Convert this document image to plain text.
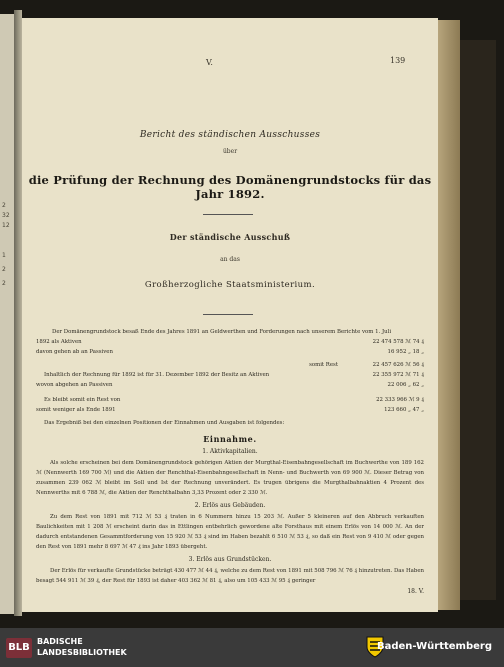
2
32
12
1
2
2
V.	139
Bericht des ständischen Ausschusses
über
die Prüfung der Rechnung des Domänengrundstocks für das Jahr 1892.
Der ständische Ausschuß
an das
Großherzogliche Staatsministerium.
Der Domänengrundstock besaß Ende des Jahres 1891 an Geldwerthen und Forderungen nach unserem Berichte vom 1. Juli
1892 als Aktiven	22 474 578 ℳ 74 ₰
davon gehen ab an Passiven	16 952 „ 18 „
somit Rest	22 457 626 ℳ 56 ₰
Inhaltlich der Rechnung für 1892 ist für 31. Dezember 1892 der Besitz an Aktiven	22 355 972 ℳ 71 ₰
wovon abgehen an Passiven	22 006 „ 62 „
Es bleibt somit ein Rest von	22 333 966 ℳ 9 ₰
somit weniger als Ende 1891	123 660 „ 47 „
Das Ergebniß bei den einzelnen Positionen der Einnahmen und Ausgaben ist folgendes:
Einnahme.
1. Aktivkapitalien.
Als solche erscheinen bei dem Domänengrundstock gehörigen Aktien der Murgthal-Eisenbahngesellschaft im Buchwerthe von 189 162 ℳ (Nennwerth 169 700 ℳ) und die Aktien der Renchthal-Eisenbahngesellschaft in Nenn- und Buchwerth von 69 900 ℳ. Dieser Betrag von zusammen 239 062 ℳ bleibt im Soll und Ist der Rechnung unverändert. Es trugen übrigens die Murgthalbahnaktien 4 Prozent des Nennwerths mit 6 788 ℳ, die Aktien der Renchthalbahn 3,33 Prozent oder 2 330 ℳ.
2. Erlös aus Gebäuden.
Zu dem Rest von 1891 mit 712 ℳ 53 ₰ traten in 6 Nummern hinzu 15 203 ℳ. Außer 5 kleineren auf den Abbruch verkauften Baulichkeiten mit 1 208 ℳ erscheint darin das in Ettlingen entbehrlich gewordene alte Forsthaus mit einem Erlös von 14 000 ℳ. An der dadurch entstandenen Gesammtforderung von 15 920 ℳ 53 ₰ sind im Haben bezahlt 6 510 ℳ 53 ₰, so daß ein Rest von 9 410 ℳ oder gegen den Rest von 1891 mehr 8 697 ℳ 47 ₰ ins Jahr 1893 übergeht.
3. Erlös aus Grundstücken.
Der Erlös für verkaufte Grundstücke beträgt 430 477 ℳ 44 ₰, welche zu dem Rest von 1891 mit 508 796 ℳ 76 ₰ hinzutreten. Das Haben besagt 544 911 ℳ 39 ₰, der Rest für 1893 ist daher 403 362 ℳ 81 ₰, also um 105 433 ℳ 95 ₰ geringer
18. V.
BLB
BADISCHE
LANDESBIBLIOTHEK
Baden-Württemberg
